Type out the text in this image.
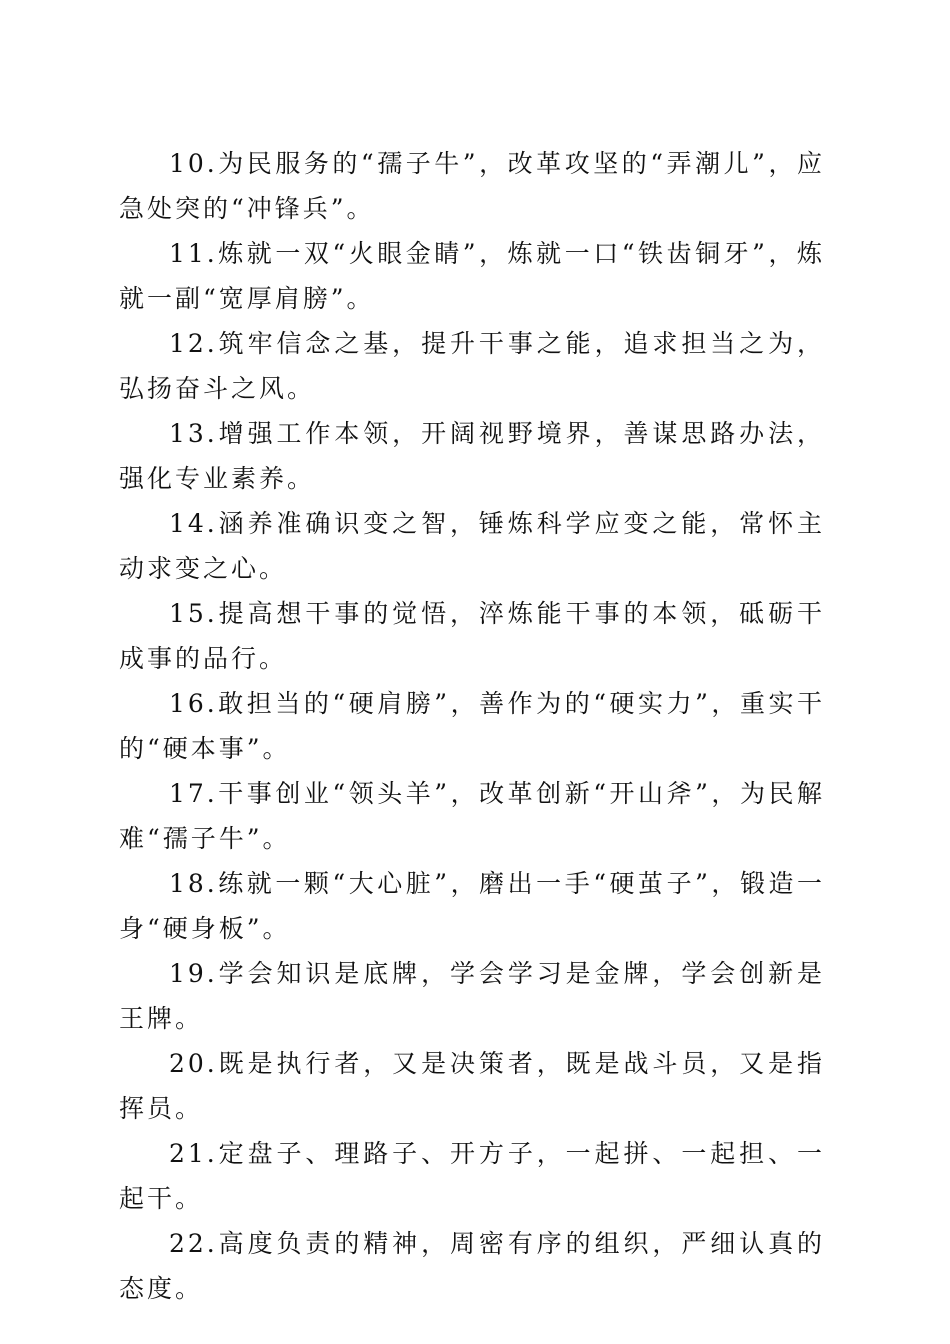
10.为民服务的“孺子牛”，改革攻坚的“弄潮儿”，应急处突的“冲锋兵”。

11.炼就一双“火眼金睛”，炼就一口“铁齿铜牙”，炼就一副“宽厚肩膀”。

12.筑牢信念之基，提升干事之能，追求担当之为，弘扬奋斗之风。

13.增强工作本领，开阔视野境界，善谋思路办法，强化专业素养。

14.涵养准确识变之智，锤炼科学应变之能，常怀主动求变之心。

15.提高想干事的觉悟，淬炼能干事的本领，砥砺干成事的品行。

16.敢担当的“硬肩膀”，善作为的“硬实力”，重实干的“硬本事”。

17.干事创业“领头羊”，改革创新“开山斧”，为民解难“孺子牛”。

18.练就一颗“大心脏”，磨出一手“硬茧子”，锻造一身“硬身板”。

19.学会知识是底牌，学会学习是金牌，学会创新是王牌。

20.既是执行者，又是决策者，既是战斗员，又是指挥员。

21.定盘子、理路子、开方子，一起拼、一起担、一起干。

22.高度负责的精神，周密有序的组织，严细认真的态度。
